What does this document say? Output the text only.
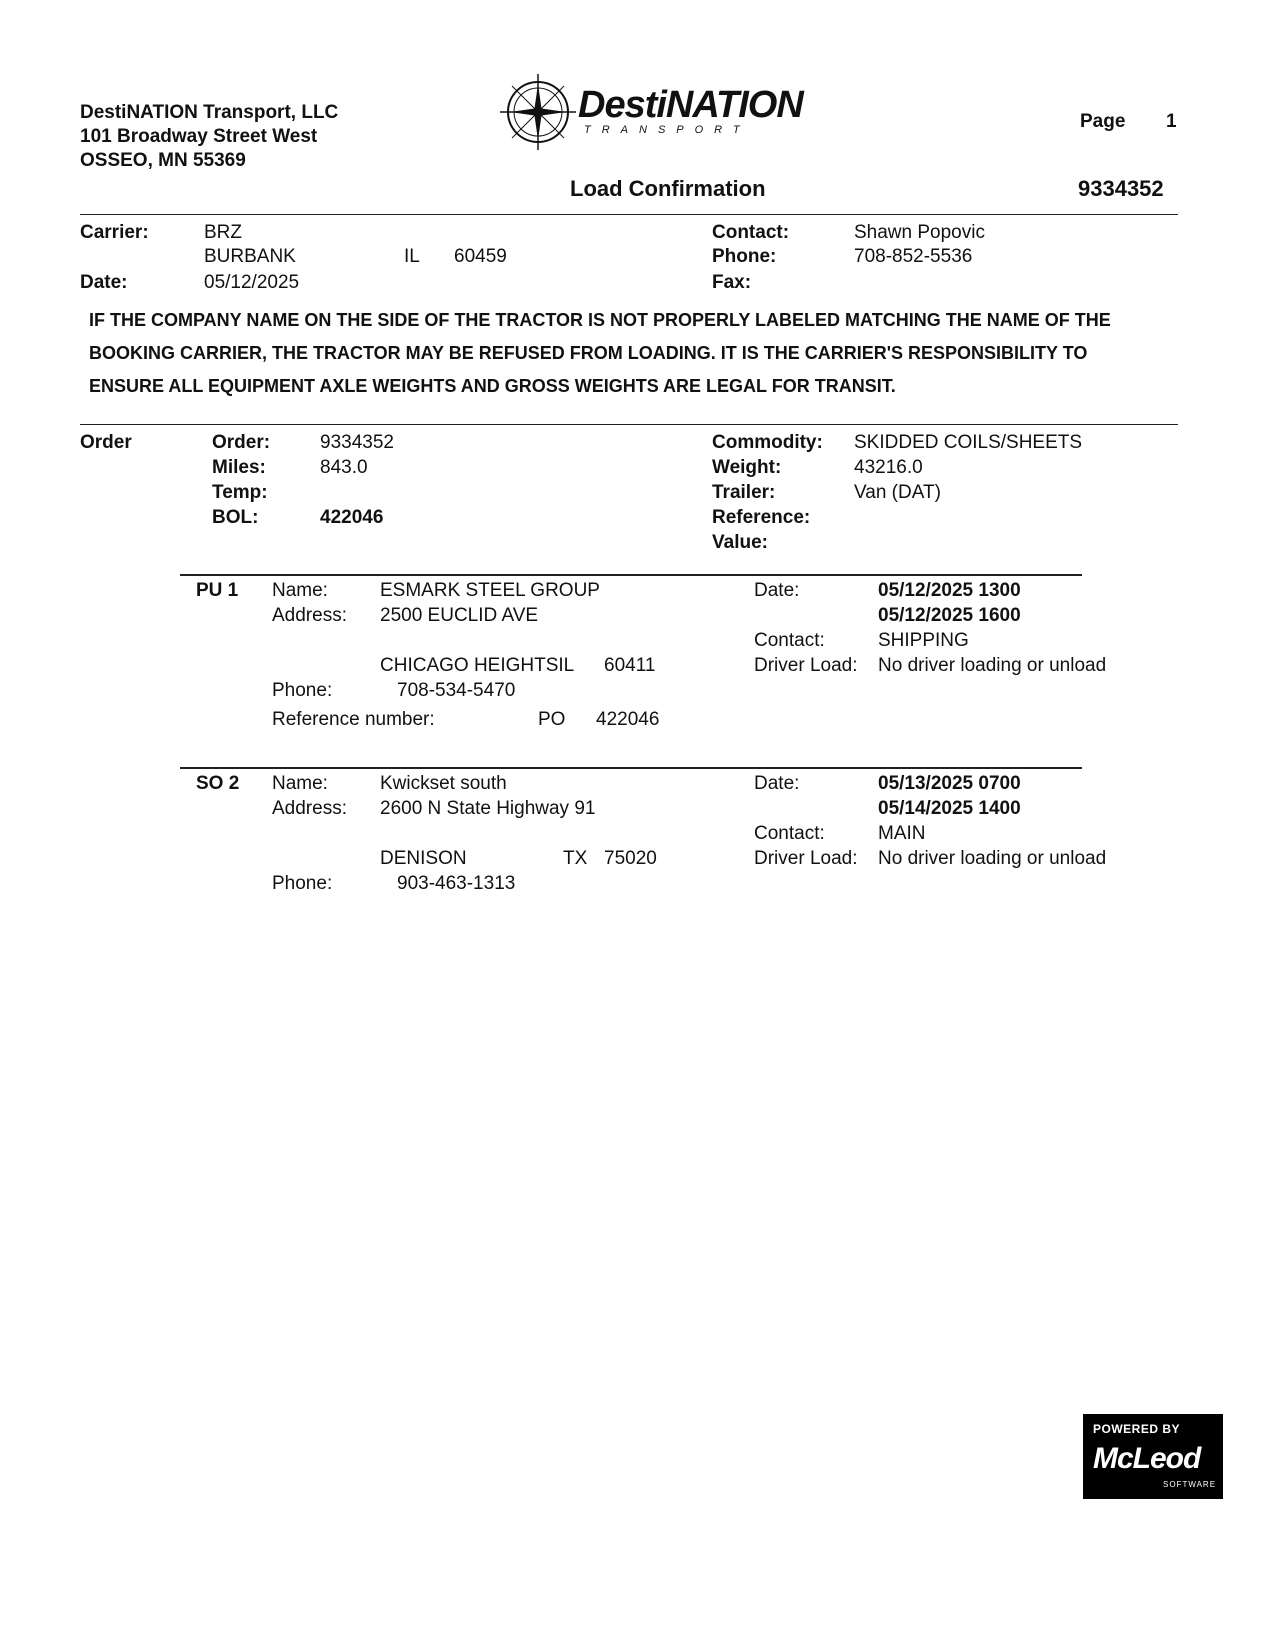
DestiNATION Transport, LLC
101 Broadway Street West
OSSEO, MN 55369
DestiNATION
TRANSPORT	Page 1
Load Confirmation	9334352
Carrier:	BRZ
BURBANK	IL 60459
Date:	05/12/2025
Contact:	Shawn Popovic
Phone:	708-852-5536
Fax:
IF THE COMPANY NAME ON THE SIDE OF THE TRACTOR IS NOT PROPERLY LABELED MATCHING THE NAME OF THE
BOOKING CARRIER, THE TRACTOR MAY BE REFUSED FROM LOADING. IT IS THE CARRIER'S RESPONSIBILITY TO
ENSURE ALL EQUIPMENT AXLE WEIGHTS AND GROSS WEIGHTS ARE LEGAL FOR TRANSIT.
Order	Order:	9334352
Miles:	843.0
Temp:
BOL:	422046
Commodity: SKIDDED COILS/SHEETS
Weight:	43216.0
Trailer:	Van (DAT)
Reference:
Value:
PU 1 Name:	ESMARK STEEL GROUP
Address: 2500 EUCLID AVE
CHICAGO HEIGHTSIL 60411
Phone:	708-534-5470
Reference number:	PO 422046
Date:	05/12/2025 1300
05/12/2025 1600
Contact:	SHIPPING
Driver Load: No driver loading or unload
SO 2 Name:	Kwickset south
Address: 2600 N State Highway 91
DENISON	TX 75020
Phone:	903-463-1313
Date:	05/13/2025 0700
05/14/2025 1400
Contact:	MAIN
Driver Load: No driver loading or unload
POWERED BY
McLeod
SOFTWARE
